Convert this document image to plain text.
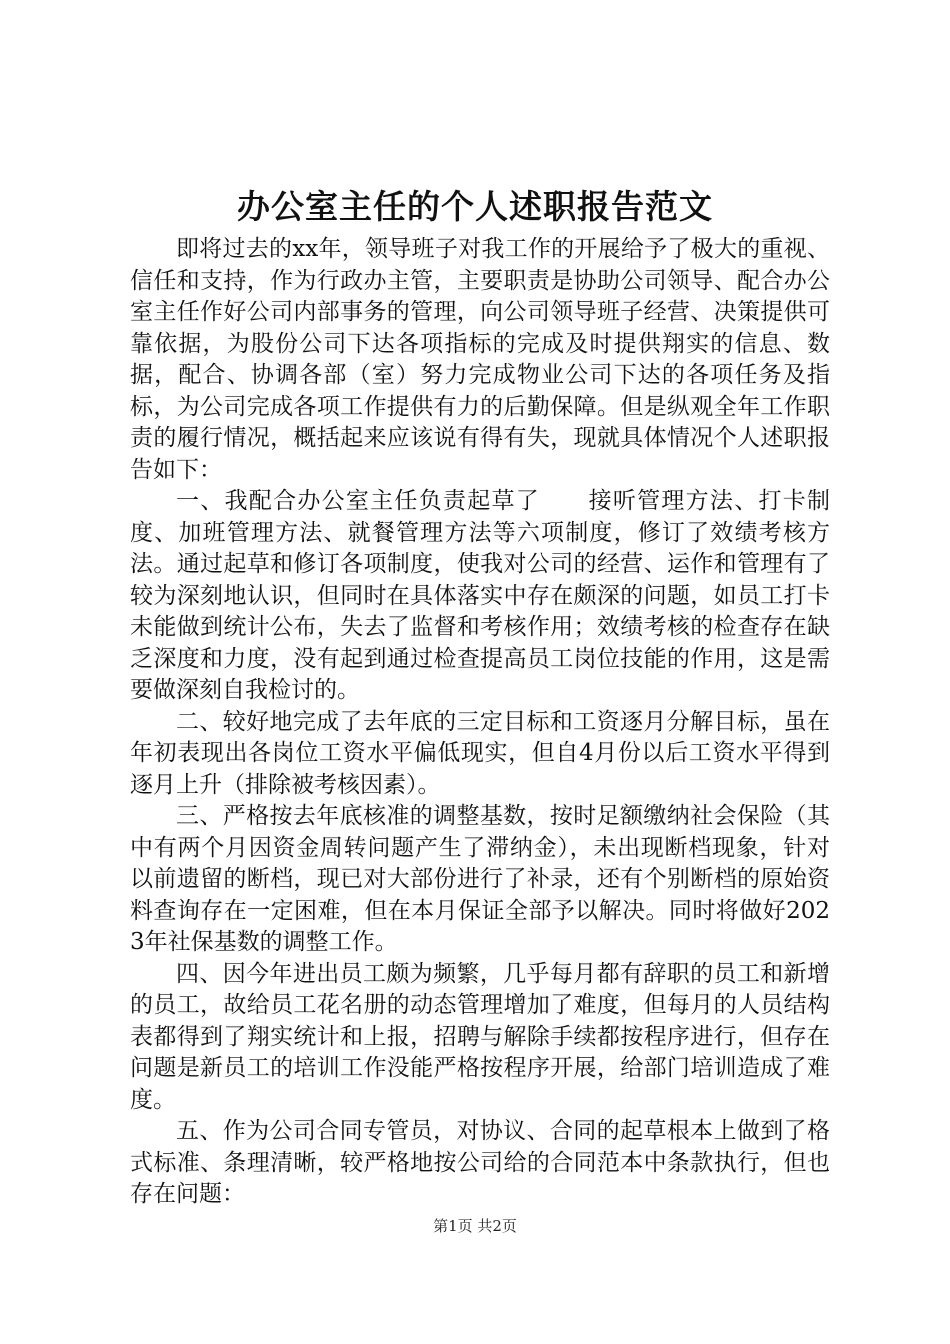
办公室主任的个人述职报告范文

即将过去的xx年，领导班子对我工作的开展给予了极大的重视、信任和支持，作为行政办主管，主要职责是协助公司领导、配合办公室主任作好公司内部事务的管理，向公司领导班子经营、决策提供可靠依据，为股份公司下达各项指标的完成及时提供翔实的信息、数据，配合、协调各部（室）努力完成物业公司下达的各项任务及指标，为公司完成各项工作提供有力的后勤保障。但是纵观全年工作职责的履行情况，概括起来应该说有得有失，现就具体情况个人述职报告如下：

一、我配合办公室主任负责起草了　　接听管理方法、打卡制度、加班管理方法、就餐管理方法等六项制度，修订了效绩考核方法。通过起草和修订各项制度，使我对公司的经营、运作和管理有了较为深刻地认识，但同时在具体落实中存在颇深的问题，如员工打卡未能做到统计公布，失去了监督和考核作用；效绩考核的检查存在缺乏深度和力度，没有起到通过检查提高员工岗位技能的作用，这是需要做深刻自我检讨的。

二、较好地完成了去年底的三定目标和工资逐月分解目标，虽在年初表现出各岗位工资水平偏低现实，但自4月份以后工资水平得到逐月上升（排除被考核因素）。

三、严格按去年底核准的调整基数，按时足额缴纳社会保险（其中有两个月因资金周转问题产生了滞纳金），未出现断档现象，针对以前遗留的断档，现已对大部份进行了补录，还有个别断档的原始资料查询存在一定困难，但在本月保证全部予以解决。同时将做好2023年社保基数的调整工作。

四、因今年进出员工颇为频繁，几乎每月都有辞职的员工和新增的员工，故给员工花名册的动态管理增加了难度，但每月的人员结构表都得到了翔实统计和上报，招聘与解除手续都按程序进行，但存在问题是新员工的培训工作没能严格按程序开展，给部门培训造成了难度。

五、作为公司合同专管员，对协议、合同的起草根本上做到了格式标准、条理清晰，较严格地按公司给的合同范本中条款执行，但也存在问题：

第1页 共2页
